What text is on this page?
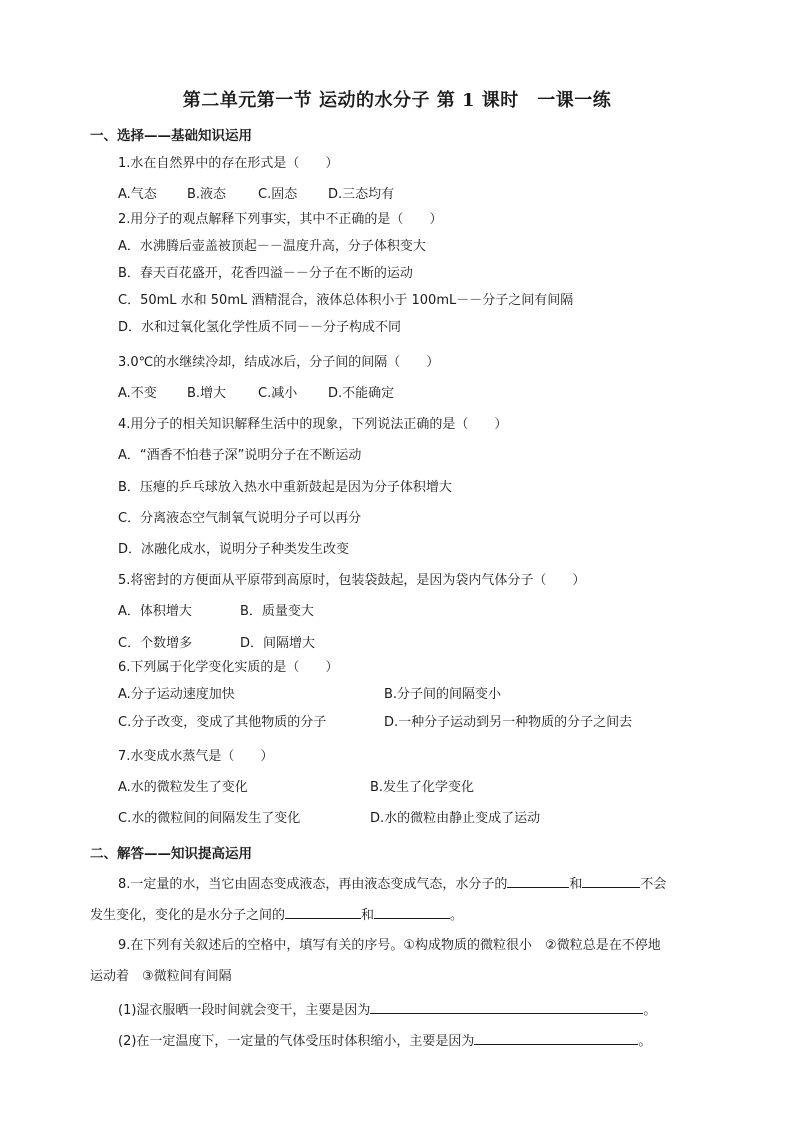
第二单元第一节 运动的水分子 第 1 课时　一课一练
一、选择——基础知识运用
1.水在自然界中的存在形式是（　　）
A.气态 B.液态 C.固态 D.三态均有
2.用分子的观点解释下列事实，其中不正确的是（　　）
A．水沸腾后壶盖被顶起－－温度升高，分子体积变大
B．春天百花盛开，花香四溢－－分子在不断的运动
C．50mL 水和 50mL 酒精混合，液体总体积小于 100mL－－分子之间有间隔
D．水和过氧化氢化学性质不同－－分子构成不同
3.0℃的水继续冷却，结成冰后，分子间的间隔（　　）
A.不变 B.增大 C.减小 D.不能确定
4.用分子的相关知识解释生活中的现象，下列说法正确的是（　　）
A．“酒香不怕巷子深”说明分子在不断运动
B．压瘪的乒乓球放入热水中重新鼓起是因为分子体积增大
C．分离液态空气制氧气说明分子可以再分
D．冰融化成水，说明分子种类发生改变
5.将密封的方便面从平原带到高原时，包装袋鼓起，是因为袋内气体分子（　　）
A．体积增大	B．质量变大
C．个数增多	D．间隔增大
6.下列属于化学变化实质的是（　　）
A.分子运动速度加快	B.分子间的间隔变小
C.分子改变，变成了其他物质的分子	D.一种分子运动到另一种物质的分子之间去
7.水变成水蒸气是（　　）
A.水的微粒发生了变化	B.发生了化学变化
C.水的微粒间的间隔发生了变化	D.水的微粒由静止变成了运动
二、解答——知识提高运用
8.一定量的水，当它由固态变成液态，再由液态变成气态，水分子的	和	不会
发生变化，变化的是水分子之间的	和	。
9.在下列有关叙述后的空格中，填写有关的序号。①构成物质的微粒很小　②微粒总是在不停地
运动着　③微粒间有间隔
(1)湿衣服晒一段时间就会变干，主要是因为	。
(2)在一定温度下，一定量的气体受压时体积缩小，主要是因为	。
